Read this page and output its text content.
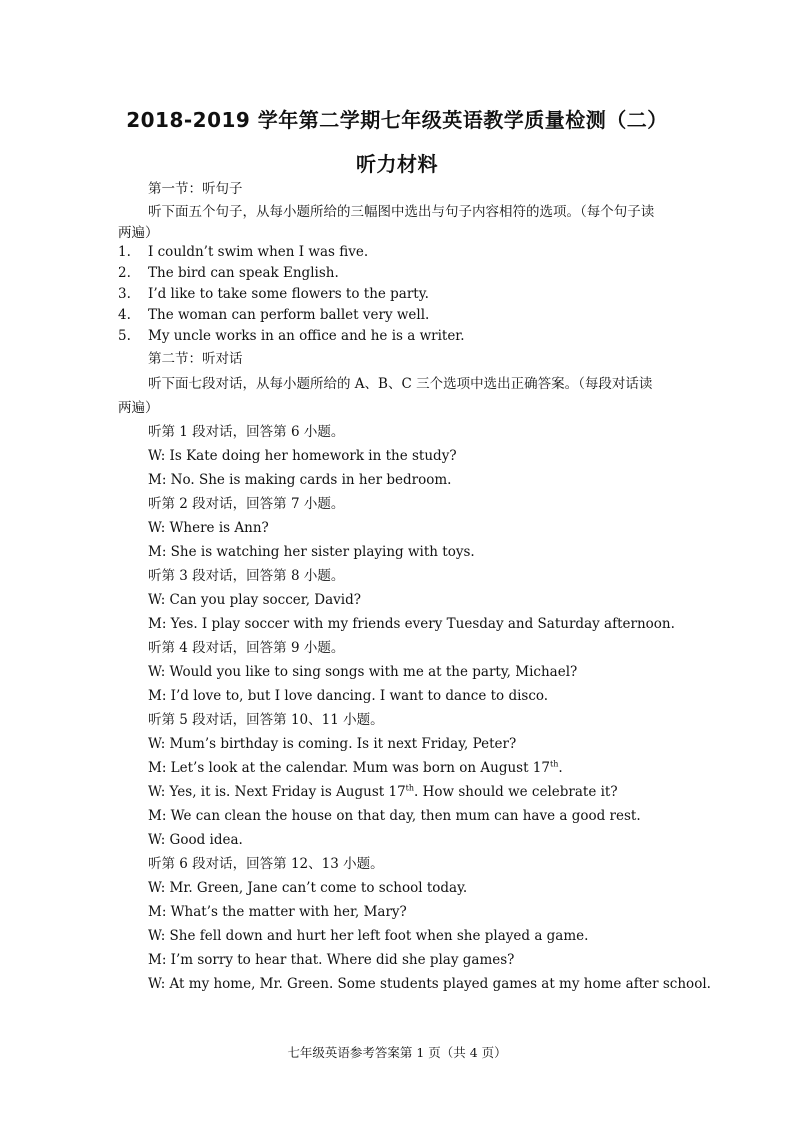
2018-2019 学年第二学期七年级英语教学质量检测（二）
听力材料
第一节：听句子
听下面五个句子，从每小题所给的三幅图中选出与句子内容相符的选项。（每个句子读
两遍）
1. I couldn’t swim when I was five.
2. The bird can speak English.
3. I’d like to take some flowers to the party.
4. The woman can perform ballet very well.
5. My uncle works in an office and he is a writer.
第二节：听对话
听下面七段对话，从每小题所给的 A、B、C 三个选项中选出正确答案。（每段对话读
两遍）
听第 1 段对话，回答第 6 小题。
W: Is Kate doing her homework in the study?
M: No. She is making cards in her bedroom.
听第 2 段对话，回答第 7 小题。
W: Where is Ann?
M: She is watching her sister playing with toys.
听第 3 段对话，回答第 8 小题。
W: Can you play soccer, David?
M: Yes. I play soccer with my friends every Tuesday and Saturday afternoon.
听第 4 段对话，回答第 9 小题。
W: Would you like to sing songs with me at the party, Michael?
M: I’d love to, but I love dancing. I want to dance to disco.
听第 5 段对话，回答第 10、11 小题。
W: Mum’s birthday is coming. Is it next Friday, Peter?
M: Let’s look at the calendar. Mum was born on August 17th.
W: Yes, it is. Next Friday is August 17th. How should we celebrate it?
M: We can clean the house on that day, then mum can have a good rest.
W: Good idea.
听第 6 段对话，回答第 12、13 小题。
W: Mr. Green, Jane can’t come to school today.
M: What’s the matter with her, Mary?
W: She fell down and hurt her left foot when she played a game.
M: I’m sorry to hear that. Where did she play games?
W: At my home, Mr. Green. Some students played games at my home after school.
七年级英语参考答案第 1 页（共 4 页）
